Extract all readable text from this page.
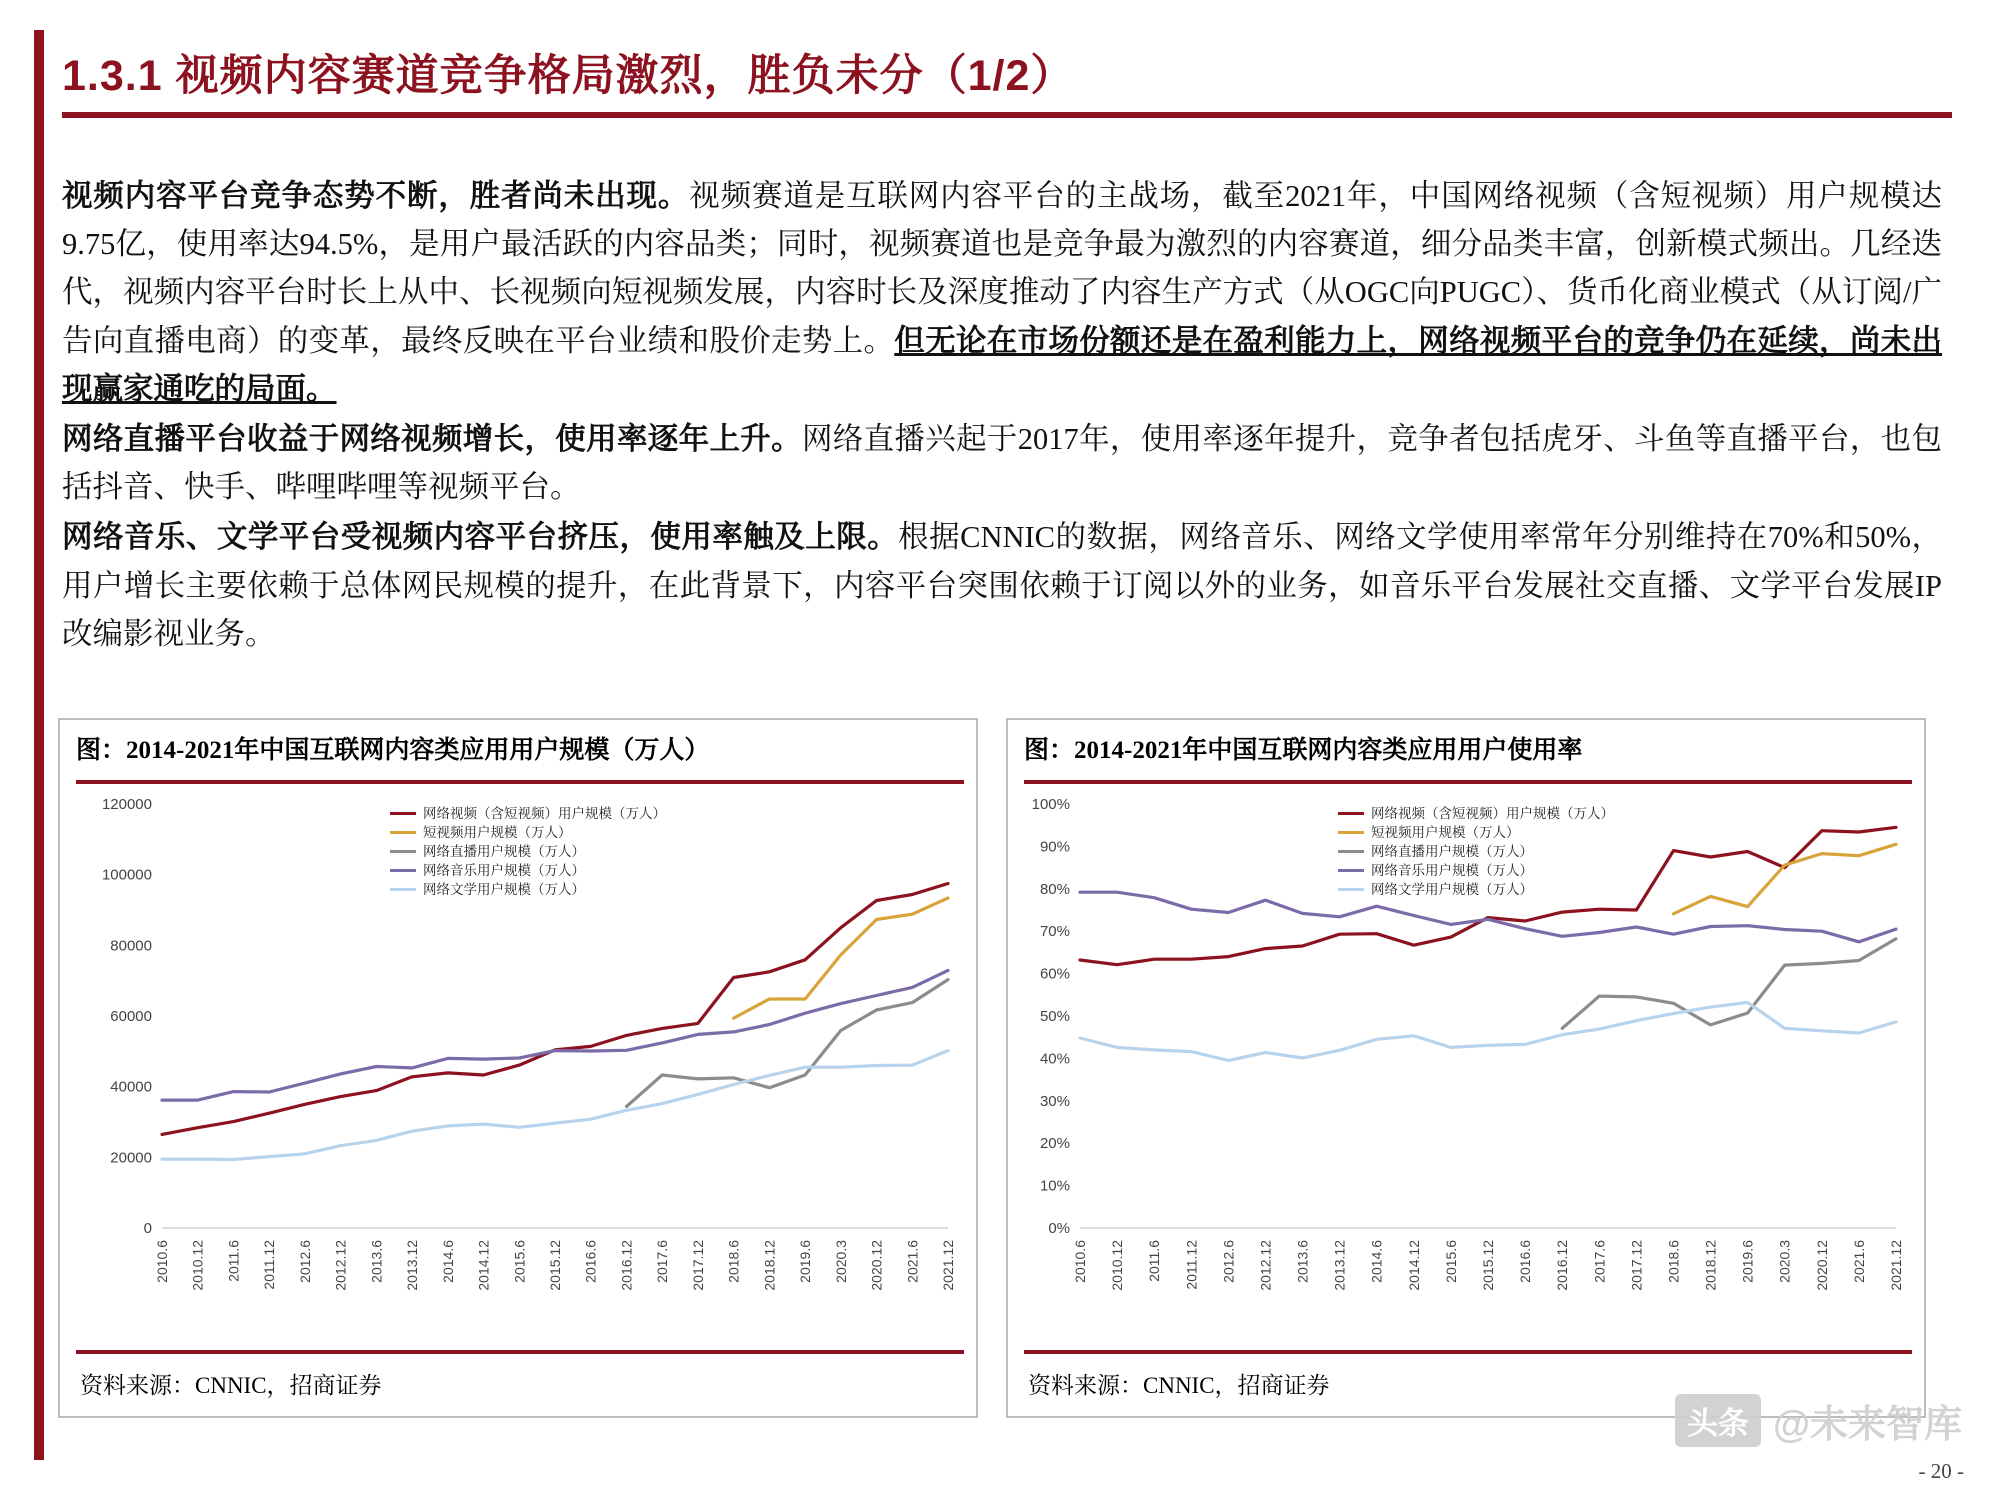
1.3.1 视频内容赛道竞争格局激烈，胜负未分（1/2）

视频内容平台竞争态势不断，胜者尚未出现。视频赛道是互联网内容平台的主战场，截至2021年，中国网络视频（含短视频）用户规模达9.75亿，使用率达94.5%，是用户最活跃的内容品类；同时，视频赛道也是竞争最为激烈的内容赛道，细分品类丰富，创新模式频出。几经迭代，视频内容平台时长上从中、长视频向短视频发展，内容时长及深度推动了内容生产方式（从OGC向PUGC）、货币化商业模式（从订阅/广告向直播电商）的变革，最终反映在平台业绩和股价走势上。但无论在市场份额还是在盈利能力上，网络视频平台的竞争仍在延续，尚未出现赢家通吃的局面。

网络直播平台收益于网络视频增长，使用率逐年上升。网络直播兴起于2017年，使用率逐年提升，竞争者包括虎牙、斗鱼等直播平台，也包括抖音、快手、哔哩哔哩等视频平台。

网络音乐、文学平台受视频内容平台挤压，使用率触及上限。根据CNNIC的数据，网络音乐、网络文学使用率常年分别维持在70%和50%，用户增长主要依赖于总体网民规模的提升，在此背景下，内容平台突围依赖于订阅以外的业务，如音乐平台发展社交直播、文学平台发展IP改编影视业务。

图：2014-2021年中国互联网内容类应用用户规模（万人）
0
20000
40000
60000
80000
100000
120000
2010.6 2010.12 2011.6 2011.12 2012.6 2012.12 2013.6 2013.12 2014.6 2014.12 2015.6 2015.12 2016.6 2016.12 2017.6 2017.12 2018.6 2018.12 2019.6 2020.3 2020.12 2021.6 2021.12
网络视频（含短视频）用户规模（万人）
短视频用户规模（万人）
网络直播用户规模（万人）
网络音乐用户规模（万人）
网络文学用户规模（万人）
资料来源：CNNIC，招商证券
图：2014-2021年中国互联网内容类应用用户使用率
0%
10%
20%
30%
40%
50%
60%
70%
80%
90%
100%
2010.6 2010.12 2011.6 2011.12 2012.6 2012.12 2013.6 2013.12 2014.6 2014.12 2015.6 2015.12 2016.6 2016.12 2017.6 2017.12 2018.6 2018.12 2019.6 2020.3 2020.12 2021.6 2021.12
网络视频（含短视频）用户规模（万人）
短视频用户规模（万人）
网络直播用户规模（万人）
网络音乐用户规模（万人）
网络文学用户规模（万人）
资料来源：CNNIC，招商证券
头条 @未来智库
- 20 -
